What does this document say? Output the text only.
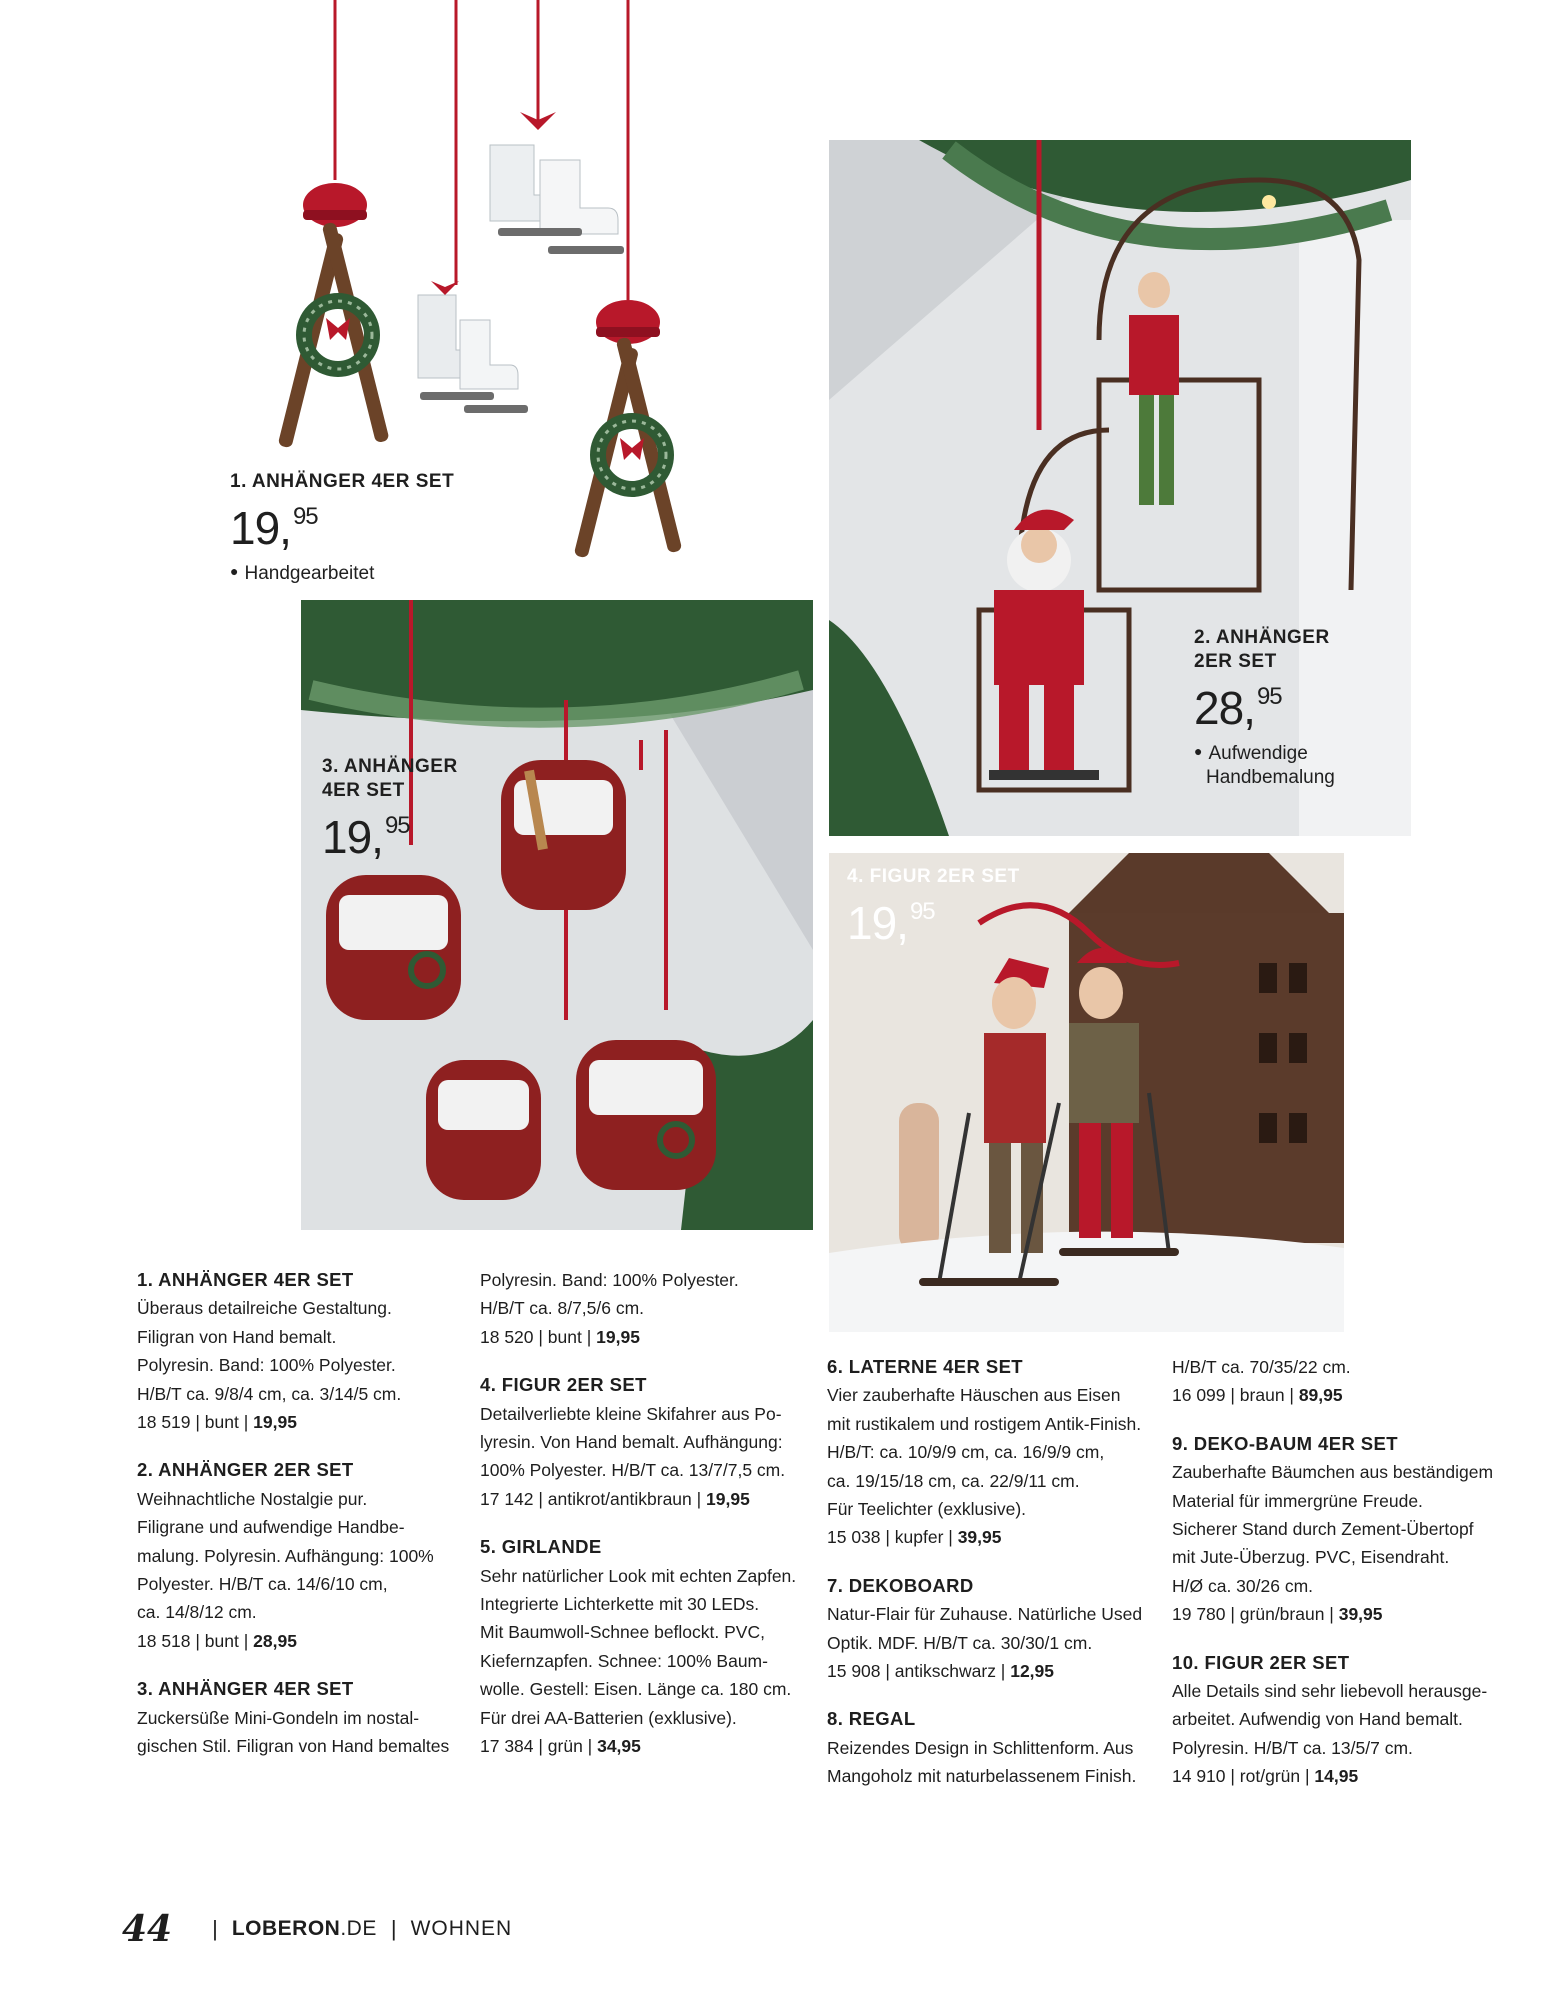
1. ANHÄNGER 4ER SET
19,95
● Handgearbeitet
2. ANHÄNGER
2ER SET
28,95
● Aufwendige
Handbemalung
3. ANHÄNGER
4ER SET
19,95
4. FIGUR 2ER SET
19,95

1. ANHÄNGER 4ER SET

Überaus detailreiche Gestaltung.

Filigran von Hand bemalt.

Polyresin. Band: 100% Polyester.

H/B/T ca. 9/8/4 cm, ca. 3/14/5 cm.

18 519 | bunt | 19,95

2. ANHÄNGER 2ER SET

Weihnachtliche Nostalgie pur.

Filigrane und aufwendige Handbe-

malung. Polyresin. Aufhängung: 100%

Polyester. H/B/T ca. 14/6/10 cm,

ca. 14/8/12 cm.

18 518 | bunt | 28,95

3. ANHÄNGER 4ER SET

Zuckersüße Mini-Gondeln im nostal-

gischen Stil. Filigran von Hand bemaltes

Polyresin. Band: 100% Polyester.

H/B/T ca. 8/7,5/6 cm.

18 520 | bunt | 19,95

4. FIGUR 2ER SET

Detailverliebte kleine Skifahrer aus Po-

lyresin. Von Hand bemalt. Aufhängung:

100% Polyester. H/B/T ca. 13/7/7,5 cm.

17 142 | antikrot/antikbraun | 19,95

5. GIRLANDE

Sehr natürlicher Look mit echten Zapfen.

Integrierte Lichterkette mit 30 LEDs.

Mit Baumwoll-Schnee beflockt. PVC,

Kiefernzapfen. Schnee: 100% Baum-

wolle. Gestell: Eisen. Länge ca. 180 cm.

Für drei AA-Batterien (exklusive).

17 384 | grün | 34,95

6. LATERNE 4ER SET

Vier zauberhafte Häuschen aus Eisen

mit rustikalem und rostigem Antik-Finish.

H/B/T: ca. 10/9/9 cm, ca. 16/9/9 cm,

ca. 19/15/18 cm, ca. 22/9/11 cm.

Für Teelichter (exklusive).

15 038 | kupfer | 39,95

7. DEKOBOARD

Natur-Flair für Zuhause. Natürliche Used

Optik. MDF. H/B/T ca. 30/30/1 cm.

15 908 | antikschwarz | 12,95

8. REGAL

Reizendes Design in Schlittenform. Aus

Mangoholz mit naturbelassenem Finish.

H/B/T ca. 70/35/22 cm.

16 099 | braun | 89,95

9. DEKO-BAUM 4ER SET

Zauberhafte Bäumchen aus beständigem

Material für immergrüne Freude.

Sicherer Stand durch Zement-Übertopf

mit Jute-Überzug. PVC, Eisendraht.

H/Ø ca. 30/26 cm.

19 780 | grün/braun | 39,95

10. FIGUR 2ER SET

Alle Details sind sehr liebevoll herausge-

arbeitet. Aufwendig von Hand bemalt.

Polyresin. H/B/T ca. 13/5/7 cm.

14 910 | rot/grün | 14,95

44 | LOBERON.DE | WOHNEN
